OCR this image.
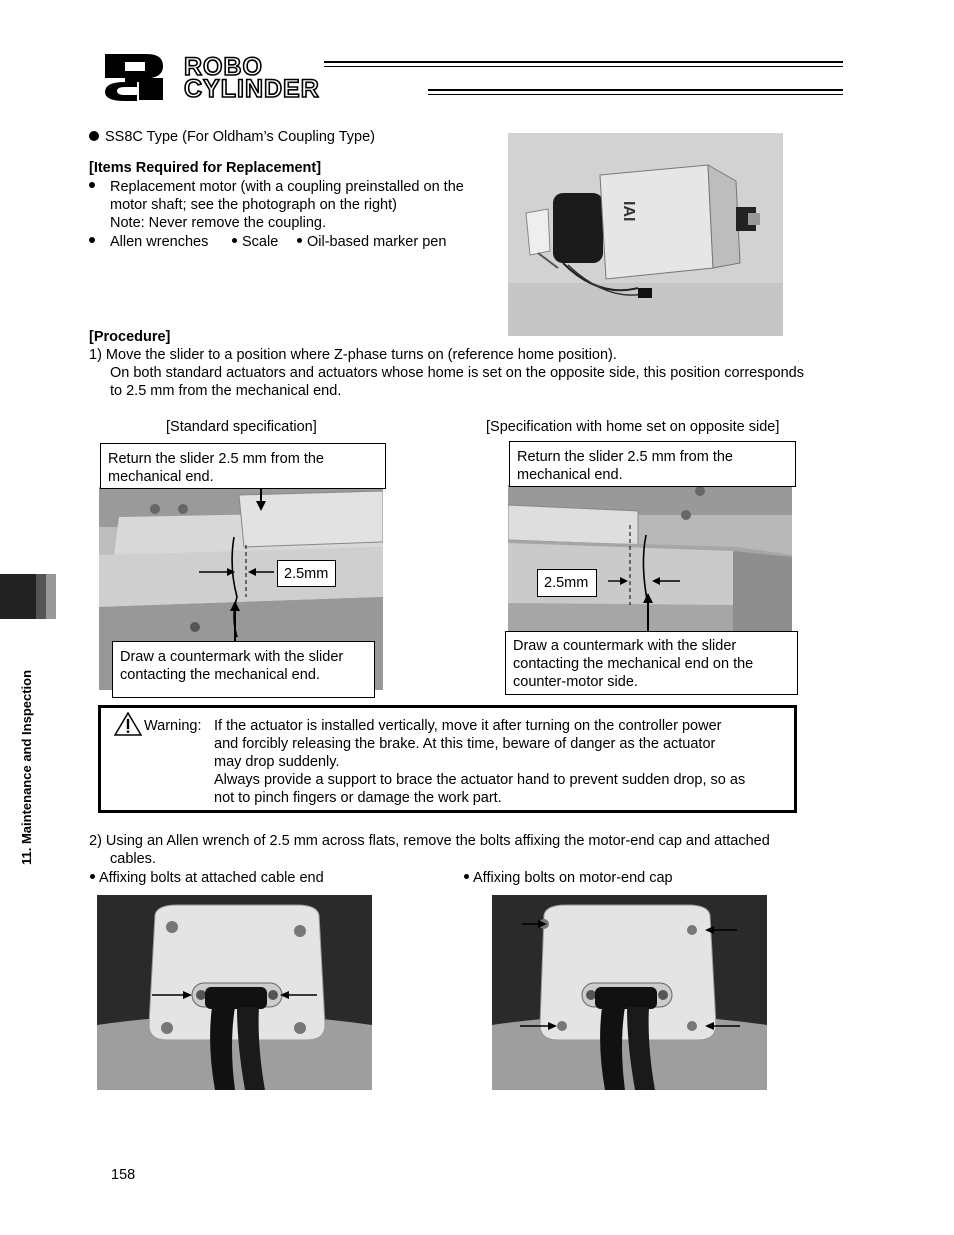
ROBO
CYLINDER
11. Maintenance and Inspection
SS8C Type (For Oldham’s Coupling Type)
[Items Required for Replacement]
Replacement motor (with a coupling preinstalled on the
motor shaft; see the photograph on the right)
Note: Never remove the coupling.
Allen wrenches	Scale	Oil-based marker pen
IAI
[Procedure]
1) Move the slider to a position where Z-phase turns on (reference home position).
On both standard actuators and actuators whose home is set on the opposite side, this position corresponds
to 2.5 mm from the mechanical end.
[Standard specification]	[Specification with home set on opposite side]
Return the slider 2.5 mm from the
mechanical end.
2.5mm
Draw a countermark with the slider
contacting the mechanical end.
Return the slider 2.5 mm from the
mechanical end.
2.5mm
Draw a countermark with the slider
contacting the mechanical end on the
counter-motor side.
Warning: If the actuator is installed vertically, move it after turning on the controller power
and forcibly releasing the brake. At this time, beware of danger as the actuator
may drop suddenly.
Always provide a support to brace the actuator hand to prevent sudden drop, so as
not to pinch fingers or damage the work part.
2) Using an Allen wrench of 2.5 mm across flats, remove the bolts affixing the motor-end cap and attached
cables.
Affixing bolts at attached cable end	Affixing bolts on motor-end cap
158
